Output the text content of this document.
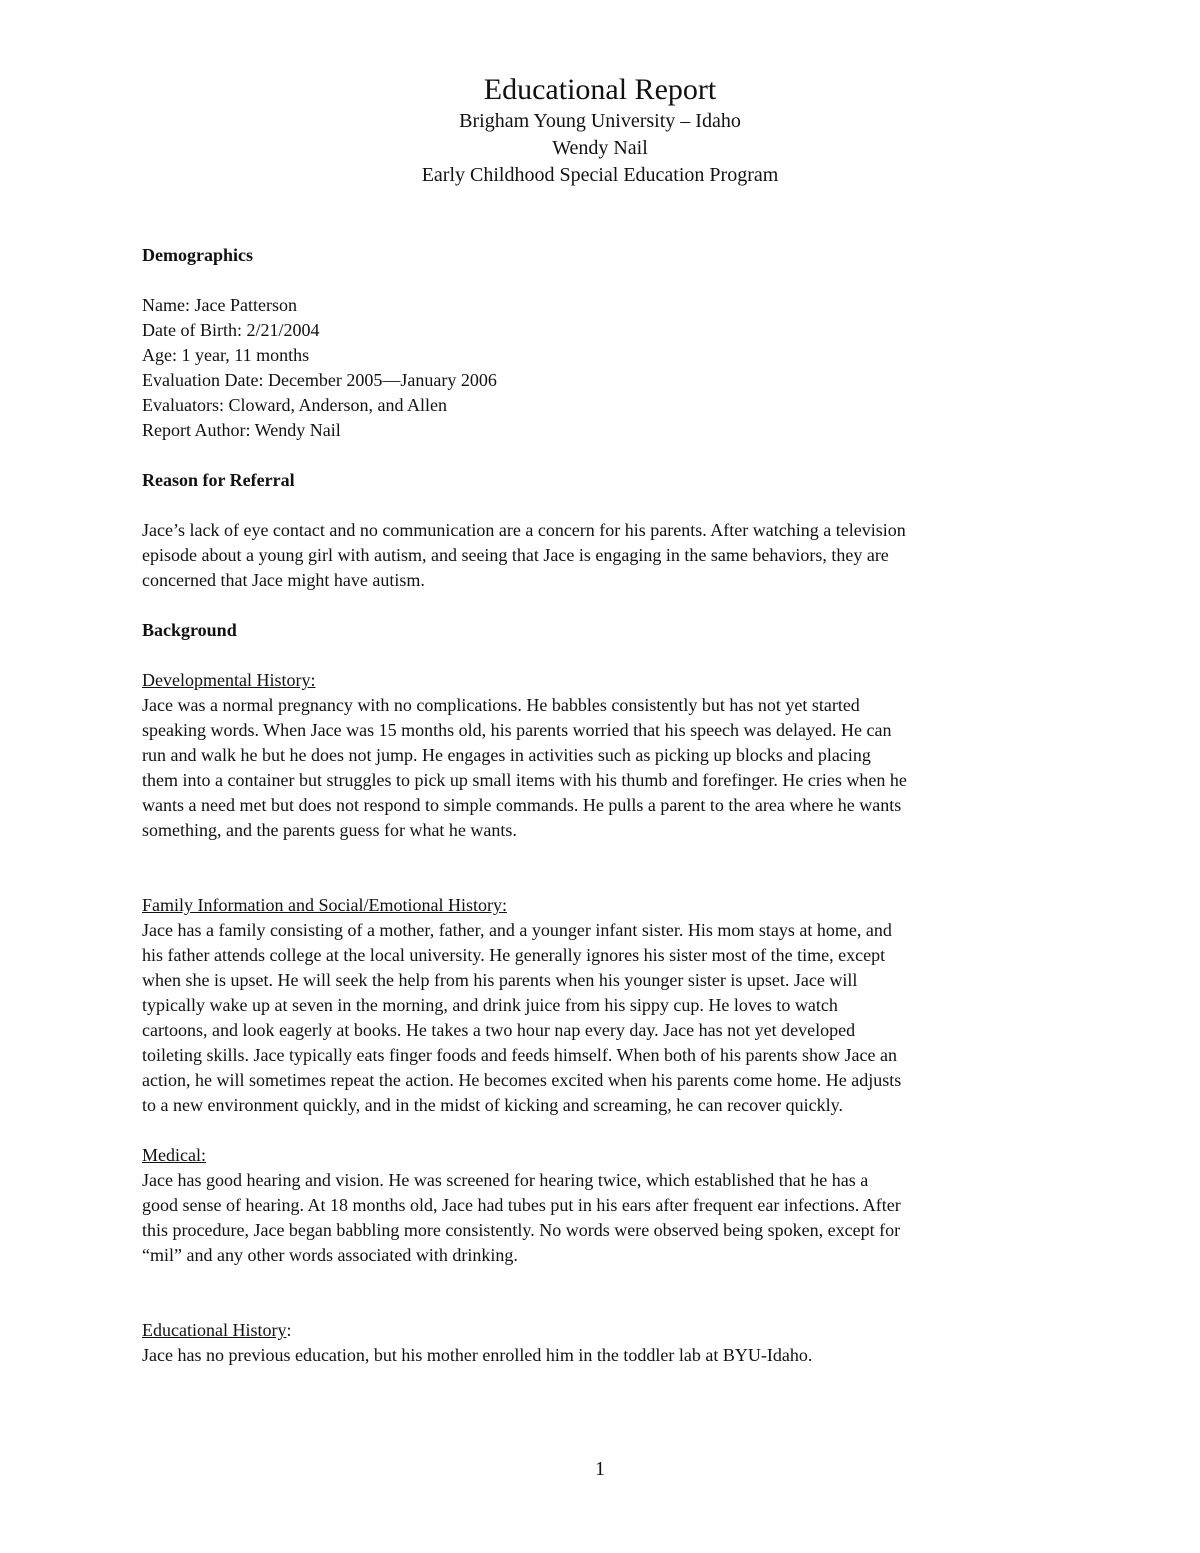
Educational Report

Brigham Young University – Idaho

Wendy Nail

Early Childhood Special Education Program

Demographics

Name: Jace Patterson

Date of Birth: 2/21/2004

Age: 1 year, 11 months

Evaluation Date: December 2005—January 2006

Evaluators: Cloward, Anderson, and Allen

Report Author: Wendy Nail

Reason for Referral

Jace’s lack of eye contact and no communication are a concern for his parents. After watching a television

episode about a young girl with autism, and seeing that Jace is engaging in the same behaviors, they are

concerned that Jace might have autism.

Background

Developmental History:

Jace was a normal pregnancy with no complications. He babbles consistently but has not yet started

speaking words. When Jace was 15 months old, his parents worried that his speech was delayed. He can

run and walk he but he does not jump. He engages in activities such as picking up blocks and placing

them into a container but struggles to pick up small items with his thumb and forefinger. He cries when he

wants a need met but does not respond to simple commands. He pulls a parent to the area where he wants

something, and the parents guess for what he wants.

Family Information and Social/Emotional History:

Jace has a family consisting of a mother, father, and a younger infant sister. His mom stays at home, and

his father attends college at the local university. He generally ignores his sister most of the time, except

when she is upset. He will seek the help from his parents when his younger sister is upset. Jace will

typically wake up at seven in the morning, and drink juice from his sippy cup. He loves to watch

cartoons, and look eagerly at books. He takes a two hour nap every day. Jace has not yet developed

toileting skills. Jace typically eats finger foods and feeds himself. When both of his parents show Jace an

action, he will sometimes repeat the action. He becomes excited when his parents come home. He adjusts

to a new environment quickly, and in the midst of kicking and screaming, he can recover quickly.

Medical:

Jace has good hearing and vision. He was screened for hearing twice, which established that he has a

good sense of hearing. At 18 months old, Jace had tubes put in his ears after frequent ear infections. After

this procedure, Jace began babbling more consistently. No words were observed being spoken, except for

“mil” and any other words associated with drinking.

Educational History:

Jace has no previous education, but his mother enrolled him in the toddler lab at BYU-Idaho.

1
